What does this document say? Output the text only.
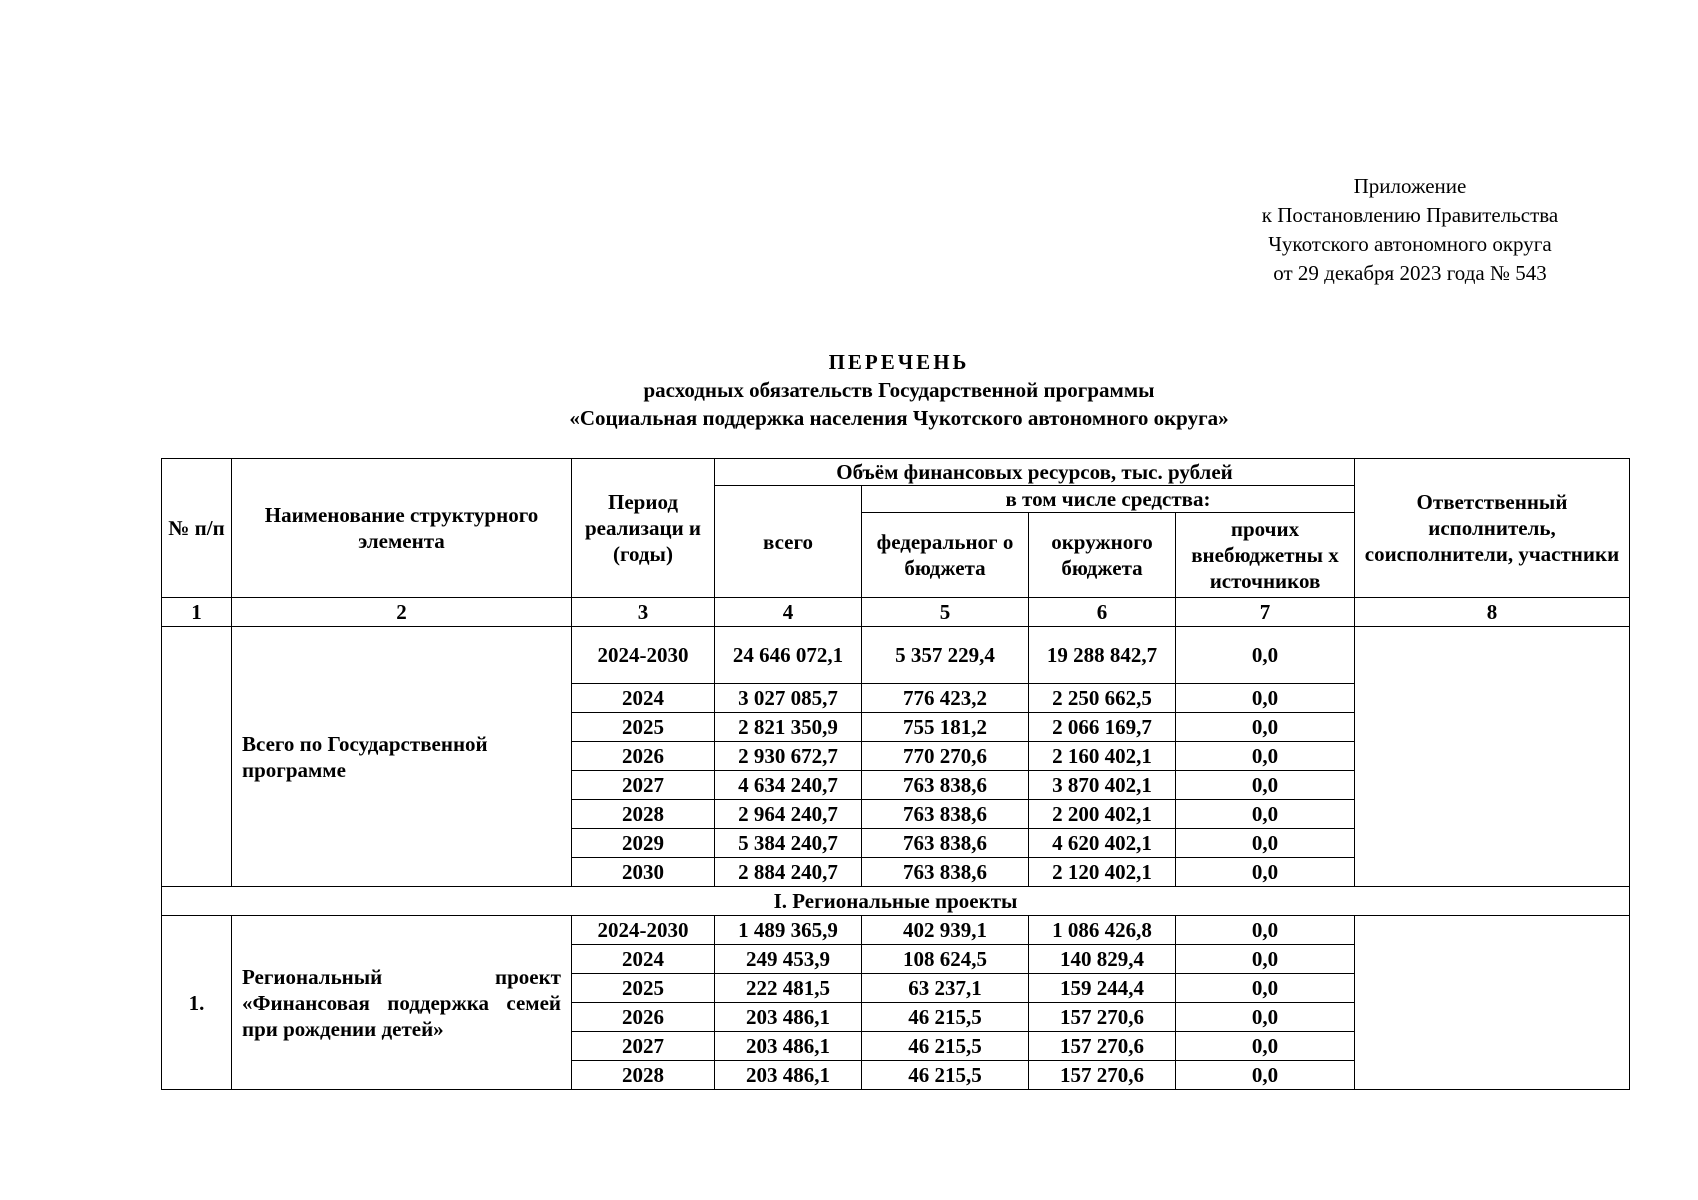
Приложение
к Постановлению Правительства
Чукотского автономного округа
от 29 декабря 2023 года № 543
ПЕРЕЧЕНЬ
расходных обязательств Государственной программы
«Социальная поддержка населения Чукотского автономного округа»
№ п/п	Наименование структурного элемента	Период реализаци и (годы)	Объём финансовых ресурсов, тыс. рублей				Ответственный исполнитель, соисполнители, участники
			всего	в том числе средства:			
				федеральног о бюджета	окружного бюджета	прочих внебюджетны х источников	
1	2	3	4	5	6	7	8
	Всего по Государственной программе	2024-2030	24 646 072,1	5 357 229,4	19 288 842,7	0,0	
		2024	3 027 085,7	776 423,2	2 250 662,5	0,0	
		2025	2 821 350,9	755 181,2	2 066 169,7	0,0	
		2026	2 930 672,7	770 270,6	2 160 402,1	0,0	
		2027	4 634 240,7	763 838,6	3 870 402,1	0,0	
		2028	2 964 240,7	763 838,6	2 200 402,1	0,0	
		2029	5 384 240,7	763 838,6	4 620 402,1	0,0	
		2030	2 884 240,7	763 838,6	2 120 402,1	0,0	
I. Региональные проекты							
1.	Региональный проект «Финансовая поддержка семей при рождении детей»	2024-2030	1 489 365,9	402 939,1	1 086 426,8	0,0	
		2024	249 453,9	108 624,5	140 829,4	0,0	
		2025	222 481,5	63 237,1	159 244,4	0,0	
		2026	203 486,1	46 215,5	157 270,6	0,0	
		2027	203 486,1	46 215,5	157 270,6	0,0	
		2028	203 486,1	46 215,5	157 270,6	0,0	
